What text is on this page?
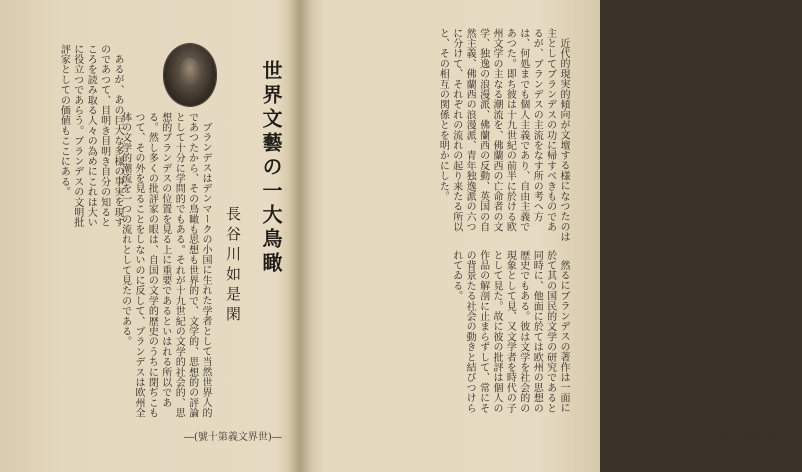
世界文藝の一大鳥瞰
長谷川如是閑

ブランデスはデンマークの小国に生れた学者として当然世界人的であつたから、その鳥瞰も思想も世界的で、文学的、思想的の評論として十分に学問的でもある。それが十九世紀の文学的社会的、思想的ブランデスの位置を見る上に重要であるといはれる所以である。然し多くの批評家の眼は、自国の文学的歴史のうちに閉ぢこもつて、その外を見ることをしないのに反して、ブランデスは欧州全体の文学的潮流を一つの流れとして見たのである。

あるが、あの巨大な多様の事実を現すのであつて、目明き目明き自分の知るところを読み取る人々の為めにこれは大いに役立つであらう。ブランデスの文明批評家としての価値もここにある。

―(號十第義文界世)―

近代的現実的傾向が文壇する様になつたのは主としてブランデスの功に帰すべきものであるが、ブランデスの主流をなす所の考へ方は、何処までも個人主義であり、自由主義であつた。即ち彼は十九世紀の前半に於ける欧州文学の主なる潮流を、佛蘭西の亡命者の文学、独逸の浪漫派、佛蘭西の反動、英国の自然主義、佛蘭西の浪漫派、青年独逸派の六つに分けて、それぞれの流れの起り来たる所以と、その相互の関係とを明かにした。

然るにブランデスの著作は一面に於て其の国民的文学の研究であると同時に、他面に於ては欧州の思想の歴史でもある。彼は文学を社会的の現象として見、又文学者を時代の子として見た。故に彼の批評は個人の作品の解剖に止まらずして、常にその背景たる社会の動きと結びつけられてゐる。

―(號十第義文界世)―
